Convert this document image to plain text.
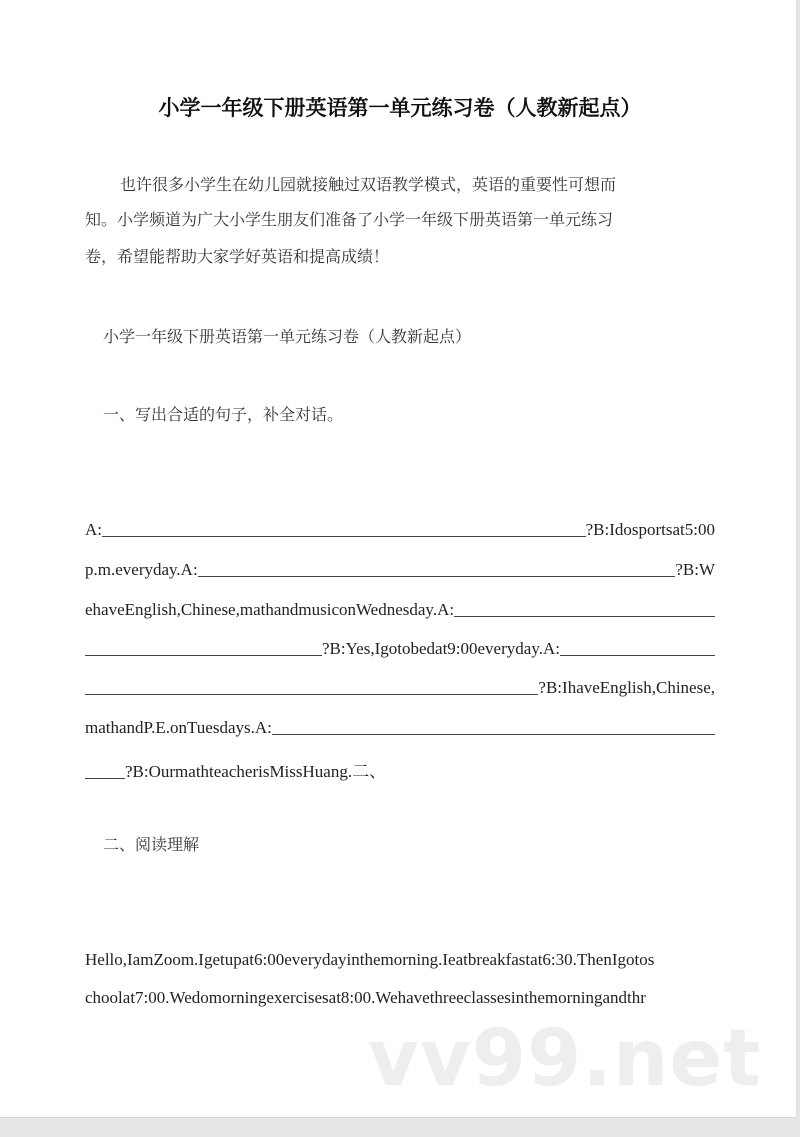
小学一年级下册英语第一单元练习卷（人教新起点）
也许很多小学生在幼儿园就接触过双语教学模式，英语的重要性可想而
知。小学频道为广大小学生朋友们准备了小学一年级下册英语第一单元练习
卷，希望能帮助大家学好英语和提高成绩！
小学一年级下册英语第一单元练习卷（人教新起点）
一、写出合适的句子，补全对话。
A:	?B:Idosportsat5:00
p.m.everyday.A:	?B:W
ehaveEnglish,Chinese,mathandmusiconWednesday.A:
?B:Yes,Igotobedat9:00everyday.A:
?B:IhaveEnglish,Chinese,
mathandP.E.onTuesdays.A:
?B:OurmathteacherisMissHuang.二、
二、阅读理解
Hello,IamZoom.Igetupat6:00everydayinthemorning.Ieatbreakfastat6:30.ThenIgotos
choolat7:00.Wedomorningexercisesat8:00.Wehavethreeclassesinthemorningandthr
vv99.net
